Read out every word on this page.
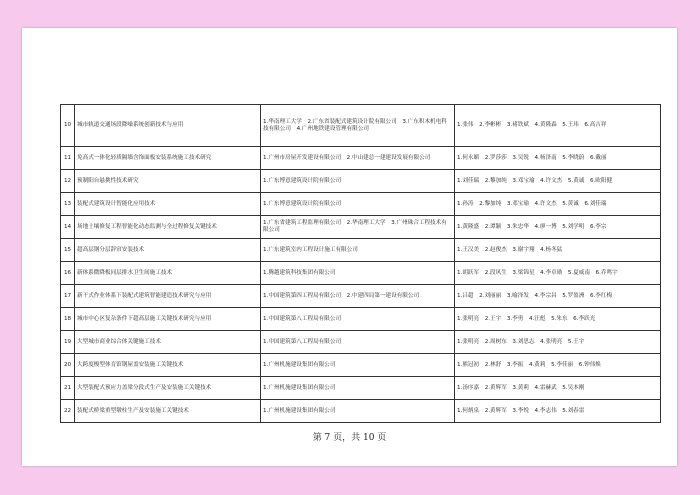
10	城市轨道交通场段降噪系统创新技术与应用	1.华南理工大学　2.广东省装配式建筑设计院有限公司　3.广东积木机电科技有限公司　4.广州地铁建设管理有限公司	1.张伟　2.李彬彬　3.褚铁斌　4.黄隆森　5.王玮　6.高吉祥
11	免高式一体化轻质隔墙含饰面板安装系统施工技术研究	1.广州市房屋开发建设有限公司　2.中山建总一建建设发展有限公司	1.何永媚　2.罗莎莎　3.吴锐　4.杨泽南　5.李晓蔚　6.戴丽
12	预制阳台悬挑性技术研究	1.广东博意建筑设计院有限公司	1.刘佳瑞　2.黎加纯　3.邓宝瑜　4.许文杰　5.黄诚　6.欧阳健
13	装配式建筑设计智能化应用技术	1.广东博意建筑设计院有限公司	1.孙涛　2.黎加纯　3.邓宝瑜　4.许文杰　5.黄诚　6.刘佳瑞
14	场地土壤修复工程智能化动态监测与全过程修复关键技术	1.广东省建筑工程监理有限公司　2.华南理工大学　3.广州珠合工程技术有限公司	1.黄隆盛　2.谭颖　3.朱忠华　4.廖一博　5.刘学明　6.李宗
15	超高层钢分层辞帘安装技术	1.广东建筑室内工程设计施工有限公司	1.王汉美　2.赵俊杰　3.谢宇翔　4.杨冬猛
16	新体系微降板同层排水卫生间施工技术	1.腾越建筑科技集团有限公司	1.胡跃军　2.段风生　3.梁锦星　4.李卓勋　5.夏威南　6.乔鸣宇
17	新干式作业体系下装配式建筑智能建造技术研究与应用	1.中国建筑第四工程局有限公司　2.中建四局第一建设有限公司	1.吕超　2.刘丽丽　3.喻泽发　4.李宗昌　5.罗盈洲　6.李红梅
18	城市中心区复杂条件下超高层施工关键技术研究与应用	1.中国建筑第八工程局有限公司	1.张明亮　2.王宇　3.李勇　4.汪彪　5.朱东　6.李跃光
19	大型城市商业综合体关键施工技术	1.中国建筑第八工程局有限公司	1.张明亮　2.周树东　3.刘思志　4.张明亮　5.王宇
20	大跨度梭型体育馆钢屋盖安装施工关键技术	1.广州机施建设集团有限公司	1.熊冠初　2.林舒　3.李振　4.黄莉　5.李佳丽　6.钟伟焕
21	大型装配式预应力盖梁分段式生产及安装施工关键技术	1.广州机施建设集团有限公司	1.汤序嘉　2.黄辉军　3.黄莉　4.雷赫武　5.吴本刚
22	装配式桥梁重型墩柱生产及安装施工关键技术	1.广州机施建设集团有限公司	1.何炳泉　2.黄辉军　3.李悦　4.李志伟　5.刘春雷
第 7 页，共 10 页
